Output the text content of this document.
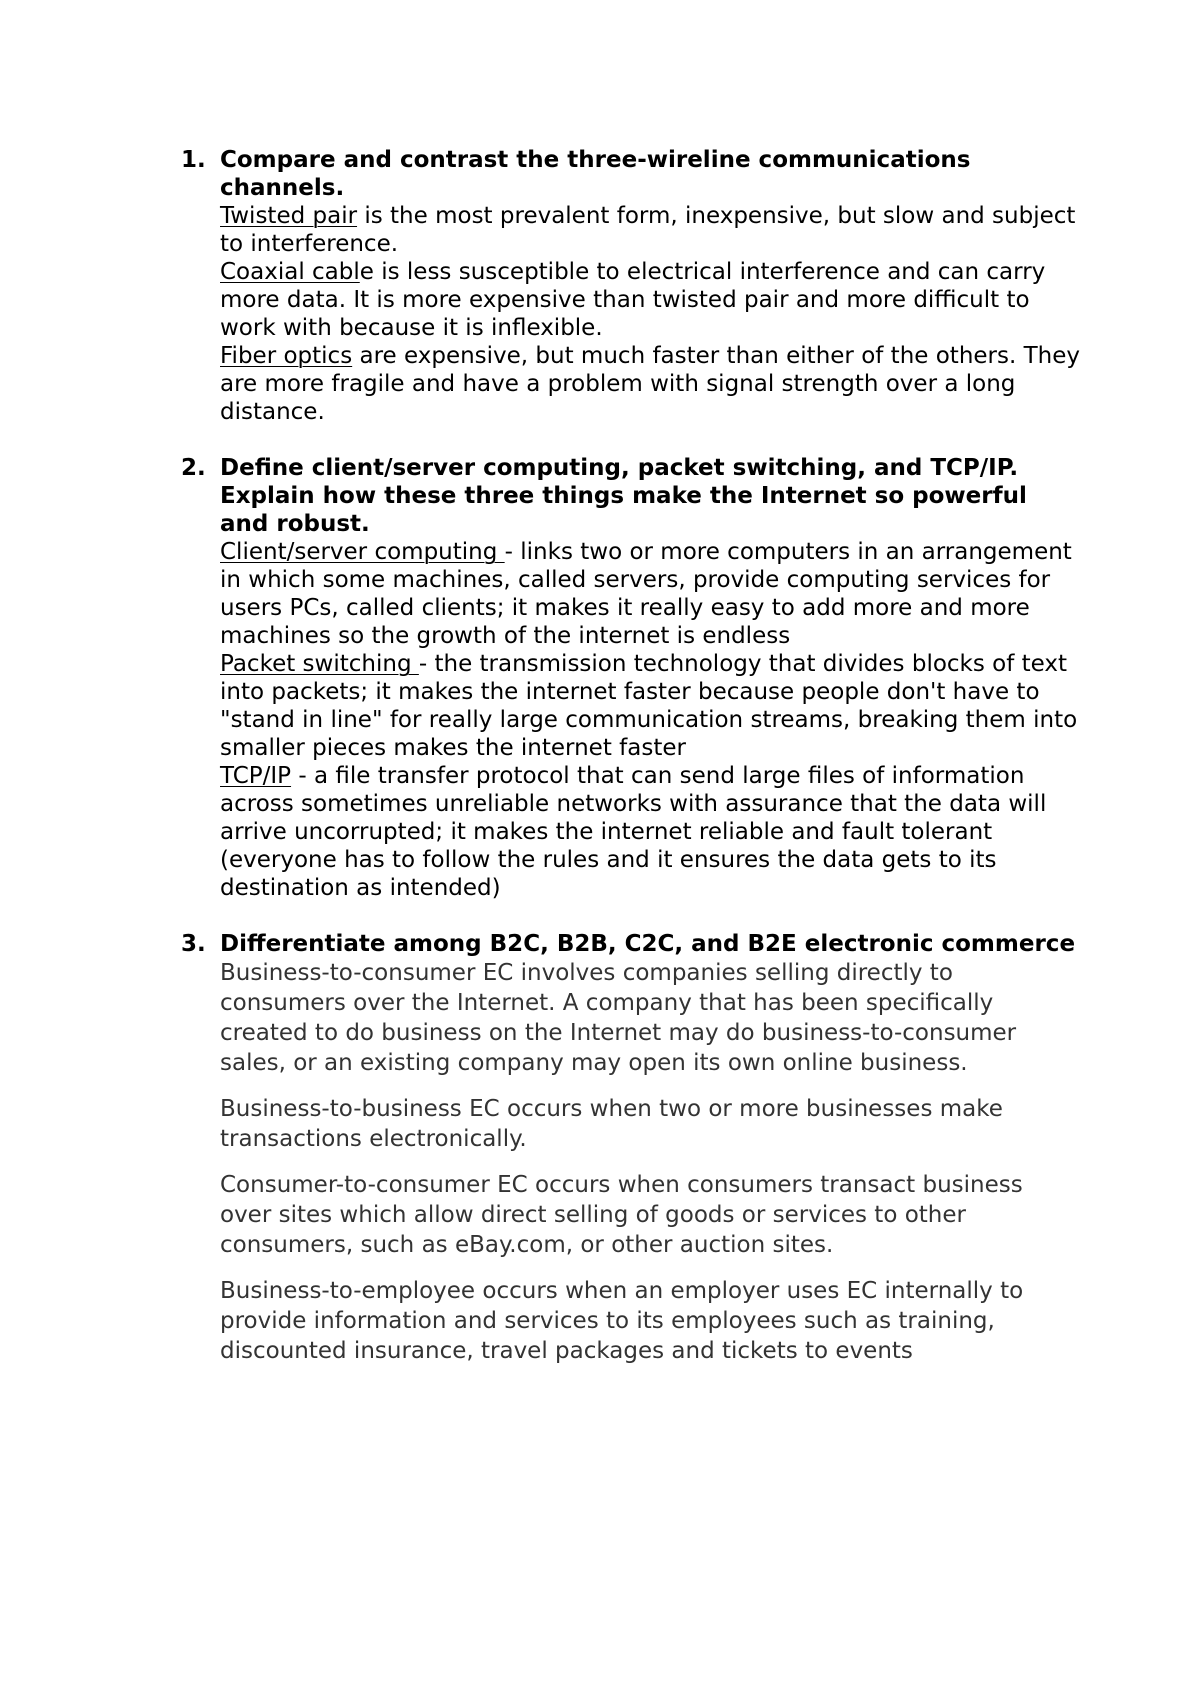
1. Compare and contrast the three-wireline communications channels.

Twisted pair is the most prevalent form, inexpensive, but slow and subject to interference.

Coaxial cable is less susceptible to electrical interference and can carry more data. It is more expensive than twisted pair and more difficult to work with because it is inflexible.

Fiber optics are expensive, but much faster than either of the others. They are more fragile and have a problem with signal strength over a long distance.

2. Define client/server computing, packet switching, and TCP/IP. Explain how these three things make the Internet so powerful and robust.

Client/server computing - links two or more computers in an arrangement in which some machines, called servers, provide computing services for users PCs, called clients; it makes it really easy to add more and more machines so the growth of the internet is endless

Packet switching - the transmission technology that divides blocks of text into packets; it makes the internet faster because people don't have to "stand in line" for really large communication streams, breaking them into smaller pieces makes the internet faster

TCP/IP - a file transfer protocol that can send large files of information across sometimes unreliable networks with assurance that the data will arrive uncorrupted; it makes the internet reliable and fault tolerant (everyone has to follow the rules and it ensures the data gets to its destination as intended)

3. Differentiate among B2C, B2B, C2C, and B2E electronic commerce

Business-to-consumer EC involves companies selling directly to consumers over the Internet. A company that has been specifically created to do business on the Internet may do business-to-consumer sales, or an existing company may open its own online business.

Business-to-business EC occurs when two or more businesses make transactions electronically.

Consumer-to-consumer EC occurs when consumers transact business over sites which allow direct selling of goods or services to other consumers, such as eBay.com, or other auction sites.

Business-to-employee occurs when an employer uses EC internally to provide information and services to its employees such as training, discounted insurance, travel packages and tickets to events
